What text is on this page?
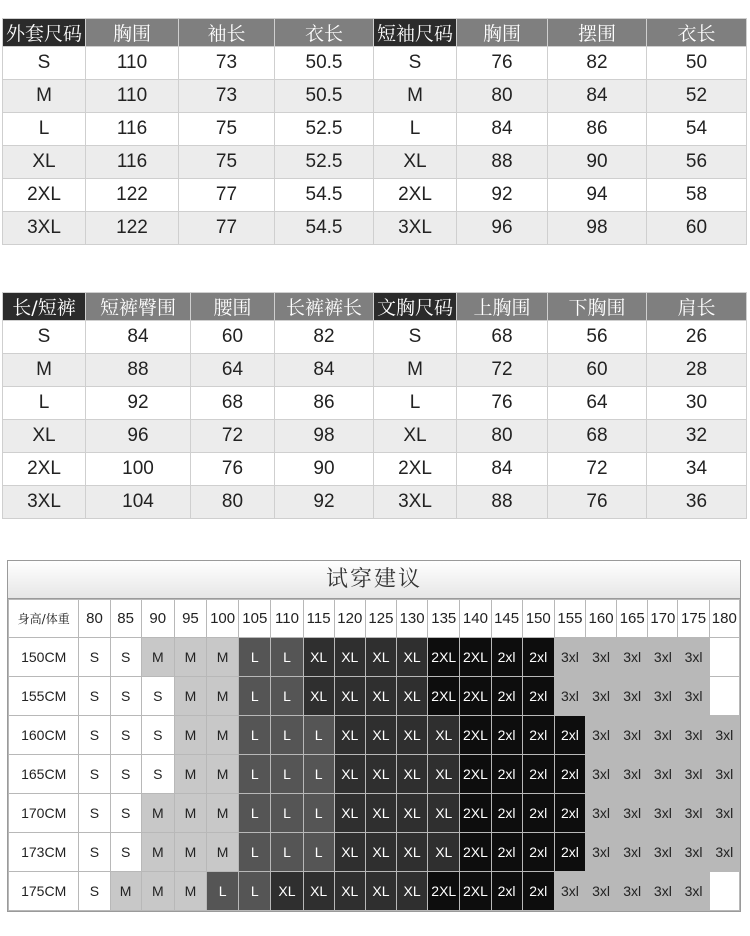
外套尺码	胸围	袖长	衣长	短袖尺码	胸围	摆围	衣长
S	110	73	50.5	S	76	82	50
M	110	73	50.5	M	80	84	52
L	116	75	52.5	L	84	86	54
XL	116	75	52.5	XL	88	90	56
2XL	122	77	54.5	2XL	92	94	58
3XL	122	77	54.5	3XL	96	98	60
长/短裤	短裤臀围	腰围	长裤裤长	文胸尺码	上胸围	下胸围	肩长
S	84	60	82	S	68	56	26
M	88	64	84	M	72	60	28
L	92	68	86	L	76	64	30
XL	96	72	98	XL	80	68	32
2XL	100	76	90	2XL	84	72	34
3XL	104	80	92	3XL	88	76	36
试穿建议
身高/体重	80	85	90	95	100	105	110	115	120	125	130	135	140	145	150	155	160	165	170	175	180
150CM	S	S	M	M	M	L	L	XL	XL	XL	XL	2XL	2XL	2xl	2xl	3xl	3xl	3xl	3xl	3xl	
155CM	S	S	S	M	M	L	L	XL	XL	XL	XL	2XL	2XL	2xl	2xl	3xl	3xl	3xl	3xl	3xl	
160CM	S	S	S	M	M	L	L	L	XL	XL	XL	XL	2XL	2xl	2xl	2xl	3xl	3xl	3xl	3xl	3xl
165CM	S	S	S	M	M	L	L	L	XL	XL	XL	XL	2XL	2xl	2xl	2xl	3xl	3xl	3xl	3xl	3xl
170CM	S	S	M	M	M	L	L	L	XL	XL	XL	XL	2XL	2xl	2xl	2xl	3xl	3xl	3xl	3xl	3xl
173CM	S	S	M	M	M	L	L	L	XL	XL	XL	XL	2XL	2xl	2xl	2xl	3xl	3xl	3xl	3xl	3xl
175CM	S	M	M	M	L	L	XL	XL	XL	XL	XL	2XL	2XL	2xl	2xl	3xl	3xl	3xl	3xl	3xl	
